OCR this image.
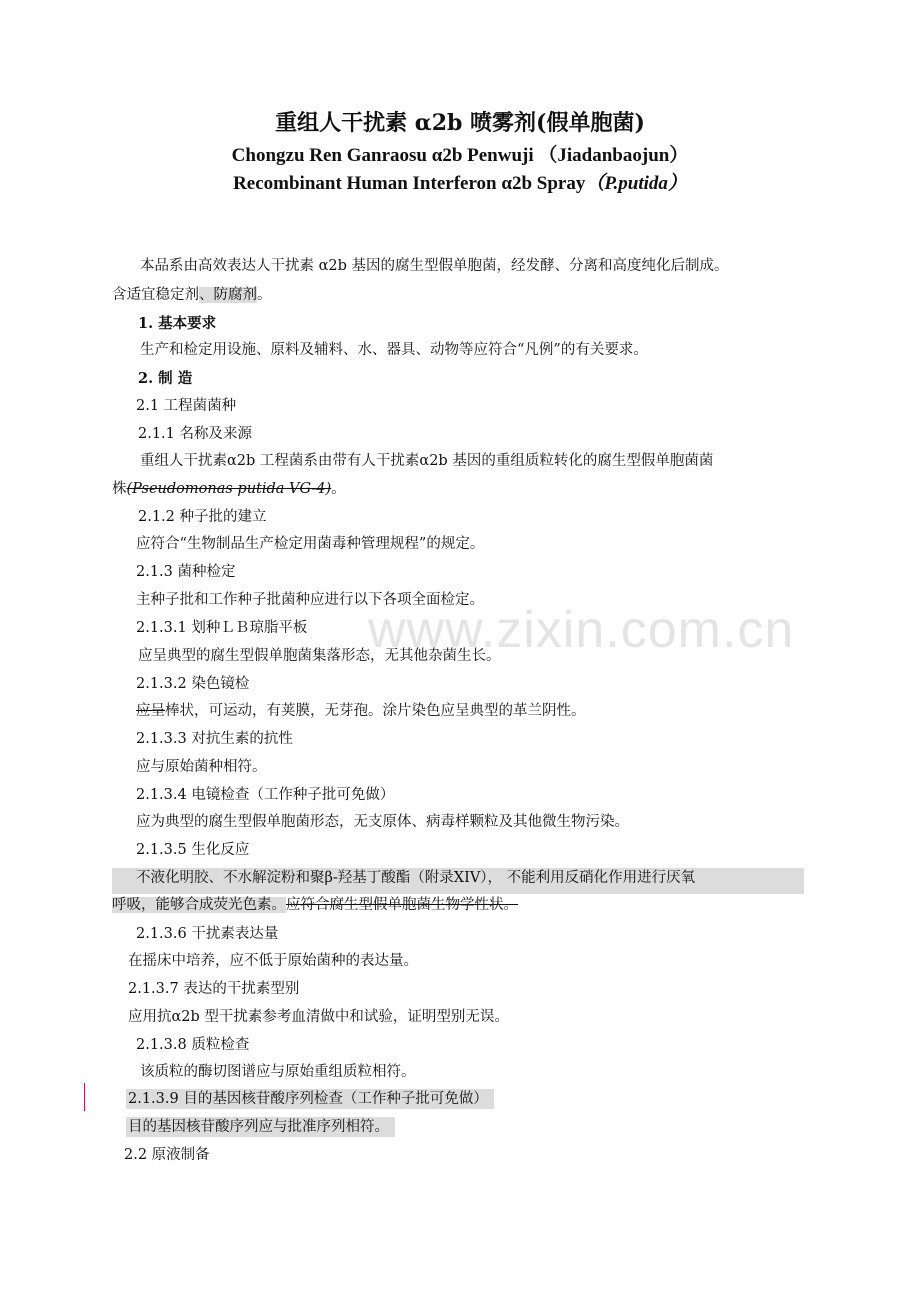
www.zixin.com.cn
重组人干扰素 α2b 喷雾剂(假单胞菌)
Chongzu Ren Ganraosu α2b Penwuji （Jiadanbaojun）
Recombinant Human Interferon α2b Spray（P.putida）
本品系由高效表达人干扰素 α2b 基因的腐生型假单胞菌，经发酵、分离和高度纯化后制成。
含适宜稳定剂、防腐剂。
1. 基本要求
生产和检定用设施、原料及辅料、水、器具、动物等应符合“凡例”的有关要求。
2. 制 造
2.1 工程菌菌种
2.1.1 名称及来源
重组人干扰素α2b 工程菌系由带有人干扰素α2b 基因的重组质粒转化的腐生型假单胞菌菌
株(Pseudomonas putida VG-4)。
2.1.2 种子批的建立
应符合“生物制品生产检定用菌毒种管理规程”的规定。
2.1.3 菌种检定
主种子批和工作种子批菌种应进行以下各项全面检定。
2.1.3.1 划种ＬＢ琼脂平板
应呈典型的腐生型假单胞菌集落形态，无其他杂菌生长。
2.1.3.2 染色镜检
应呈棒状，可运动，有荚膜，无芽孢。涂片染色应呈典型的革兰阴性。
2.1.3.3 对抗生素的抗性
应与原始菌种相符。
2.1.3.4 电镜检查（工作种子批可免做）
应为典型的腐生型假单胞菌形态，无支原体、病毒样颗粒及其他微生物污染。
2.1.3.5 生化反应
不液化明胶、不水解淀粉和聚β-羟基丁酸酯（附录ⅩⅠⅤ）， 不能利用反硝化作用进行厌氧
呼吸，能够合成荧光色素。应符合腐生型假单胞菌生物学性状。
2.1.3.6 干扰素表达量
在摇床中培养，应不低于原始菌种的表达量。
2.1.3.7 表达的干扰素型别
应用抗α2b 型干扰素参考血清做中和试验，证明型别无误。
2.1.3.8 质粒检查
该质粒的酶切图谱应与原始重组质粒相符。
2.1.3.9 目的基因核苷酸序列检查（工作种子批可免做）
目的基因核苷酸序列应与批准序列相符。
2.2 原液制备
